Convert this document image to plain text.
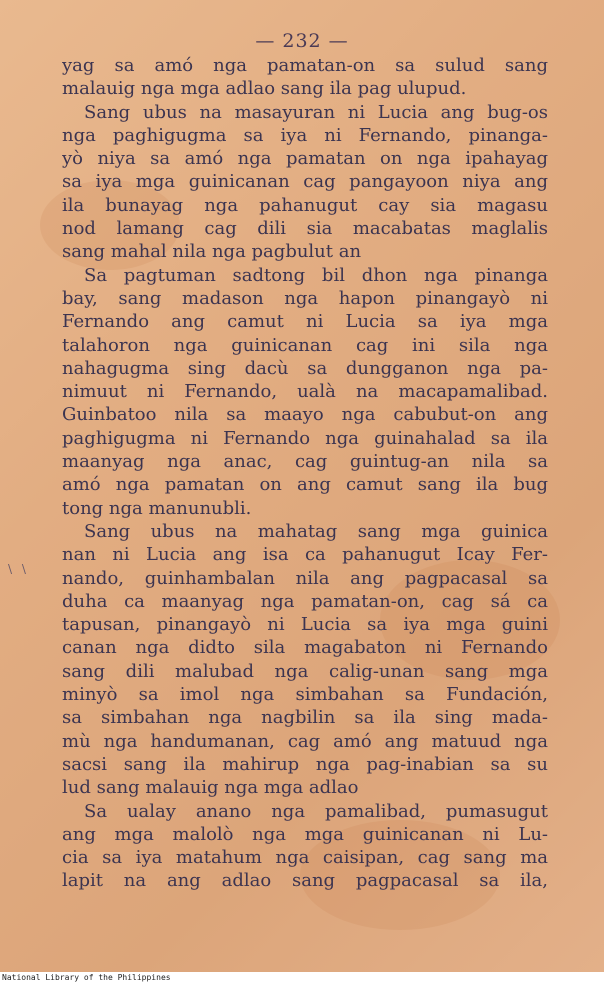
— 232 —
\ \
yag sa amó nga pamatan-on sa sulud sang
malauig nga mga adlao sang ila pag ulupud.
Sang ubus na masayuran ni Lucia ang bug-os
nga paghigugma sa iya ni Fernando, pinanga-
yò niya sa amó nga pamatan on nga ipahayag
sa iya mga guinicanan cag pangayoon niya ang
ila bunayag nga pahanugut cay sia magasu
nod lamang cag dili sia macabatas maglalis
sang mahal nila nga pagbulut an
Sa pagtuman sadtong bil dhon nga pinanga
bay, sang madason nga hapon pinangayò ni
Fernando ang camut ni Lucia sa iya mga
talahoron nga guinicanan cag ini sila nga
nahagugma sing dacù sa dungganon nga pa-
nimuut ni Fernando, ualà na macapamalibad.
Guinbatoo nila sa maayo nga cabubut-on ang
paghigugma ni Fernando nga guinahalad sa ila
maanyag nga anac, cag guintug-an nila sa
amó nga pamatan on ang camut sang ila bug
tong nga manunubli.
Sang ubus na mahatag sang mga guinica
nan ni Lucia ang isa ca pahanugut Icay Fer-
nando, guinhambalan nila ang pagpacasal sa
duha ca maanyag nga pamatan-on, cag sá ca
tapusan, pinangayò ni Lucia sa iya mga guini
canan nga didto sila magabaton ni Fernando
sang dili malubad nga calig-unan sang mga
minyò sa imol nga simbahan sa Fundación,
sa simbahan nga nagbilin sa ila sing mada-
mù nga handumanan, cag amó ang matuud nga
sacsi sang ila mahirup nga pag-inabian sa su
lud sang malauig nga mga adlao
Sa ualay anano nga pamalibad, pumasugut
ang mga malolò nga mga guinicanan ni Lu-
cia sa iya matahum nga caisipan, cag sang ma
lapit na ang adlao sang pagpacasal sa ila,
National Library of the Philippines
